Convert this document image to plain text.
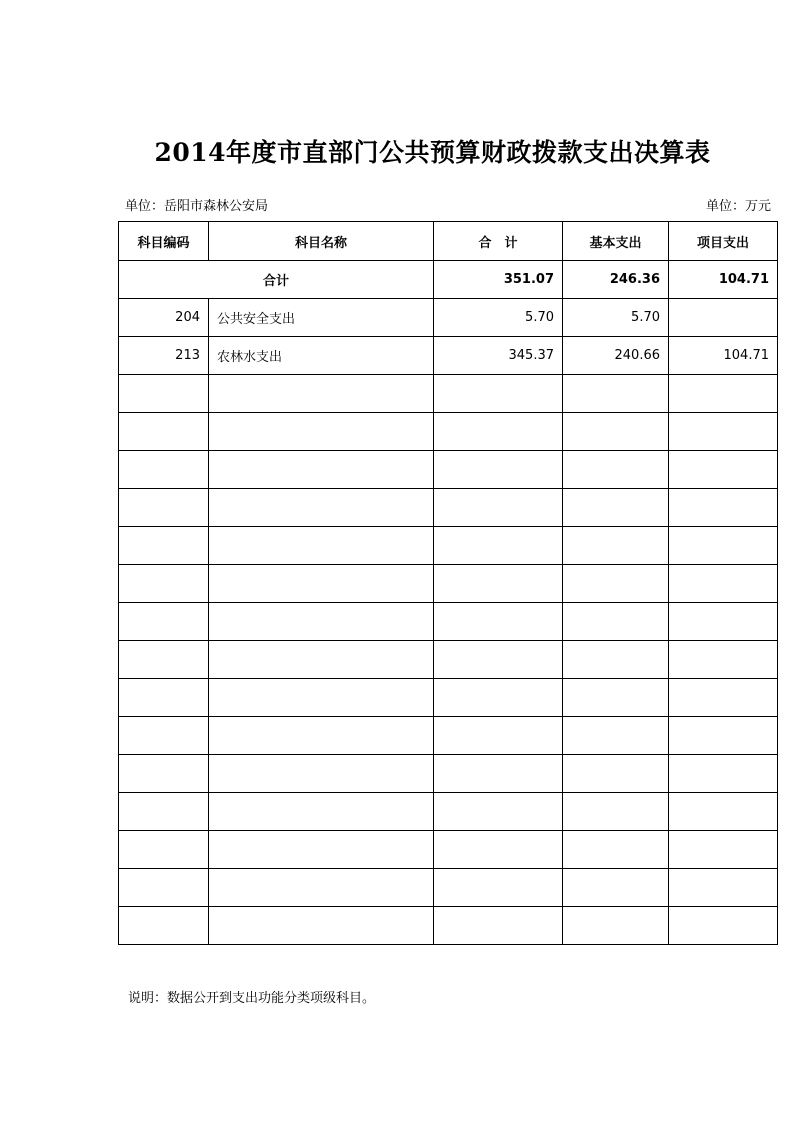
2014年度市直部门公共预算财政拨款支出决算表
单位：岳阳市森林公安局	单位：万元
科目编码	科目名称	合　计	基本支出	项目支出
合计		351.07	246.36	104.71
204	公共安全支出	5.70	5.70	
213	农林水支出	345.37	240.66	104.71

说明：数据公开到支出功能分类项级科目。
